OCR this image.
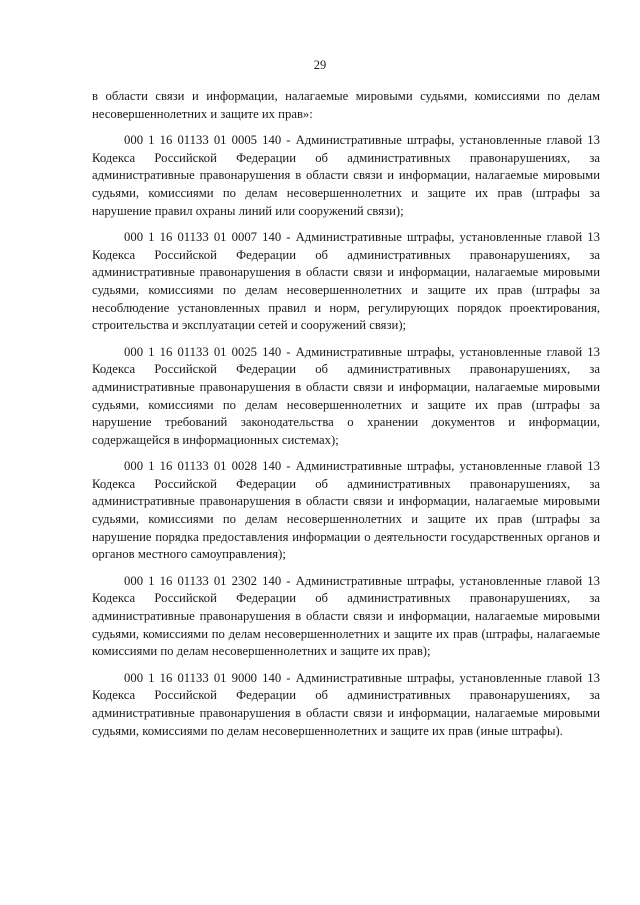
29

в области связи и информации, налагаемые мировыми судьями, комиссиями по делам несовершеннолетних и защите их прав»:

000 1 16 01133 01 0005 140 - Административные штрафы, установленные главой 13 Кодекса Российской Федерации об административных правонарушениях, за административные правонарушения в области связи и информации, налагаемые мировыми судьями, комиссиями по делам несовершеннолетних и защите их прав (штрафы за нарушение правил охраны линий или сооружений связи);

000 1 16 01133 01 0007 140 - Административные штрафы, установленные главой 13 Кодекса Российской Федерации об административных правонарушениях, за административные правонарушения в области связи и информации, налагаемые мировыми судьями, комиссиями по делам несовершеннолетних и защите их прав (штрафы за несоблюдение установленных правил и норм, регулирующих порядок проектирования, строительства и эксплуатации сетей и сооружений связи);

000 1 16 01133 01 0025 140 - Административные штрафы, установленные главой 13 Кодекса Российской Федерации об административных правонарушениях, за административные правонарушения в области связи и информации, налагаемые мировыми судьями, комиссиями по делам несовершеннолетних и защите их прав (штрафы за нарушение требований законодательства о хранении документов и информации, содержащейся в информационных системах);

000 1 16 01133 01 0028 140 - Административные штрафы, установленные главой 13 Кодекса Российской Федерации об административных правонарушениях, за административные правонарушения в области связи и информации, налагаемые мировыми судьями, комиссиями по делам несовершеннолетних и защите их прав (штрафы за нарушение порядка предоставления информации о деятельности государственных органов и органов местного самоуправления);

000 1 16 01133 01 2302 140 - Административные штрафы, установленные главой 13 Кодекса Российской Федерации об административных правонарушениях, за административные правонарушения в области связи и информации, налагаемые мировыми судьями, комиссиями по делам несовершеннолетних и защите их прав (штрафы, налагаемые комиссиями по делам несовершеннолетних и защите их прав);

000 1 16 01133 01 9000 140 - Административные штрафы, установленные главой 13 Кодекса Российской Федерации об административных правонарушениях, за административные правонарушения в области связи и информации, налагаемые мировыми судьями, комиссиями по делам несовершеннолетних и защите их прав (иные штрафы).
